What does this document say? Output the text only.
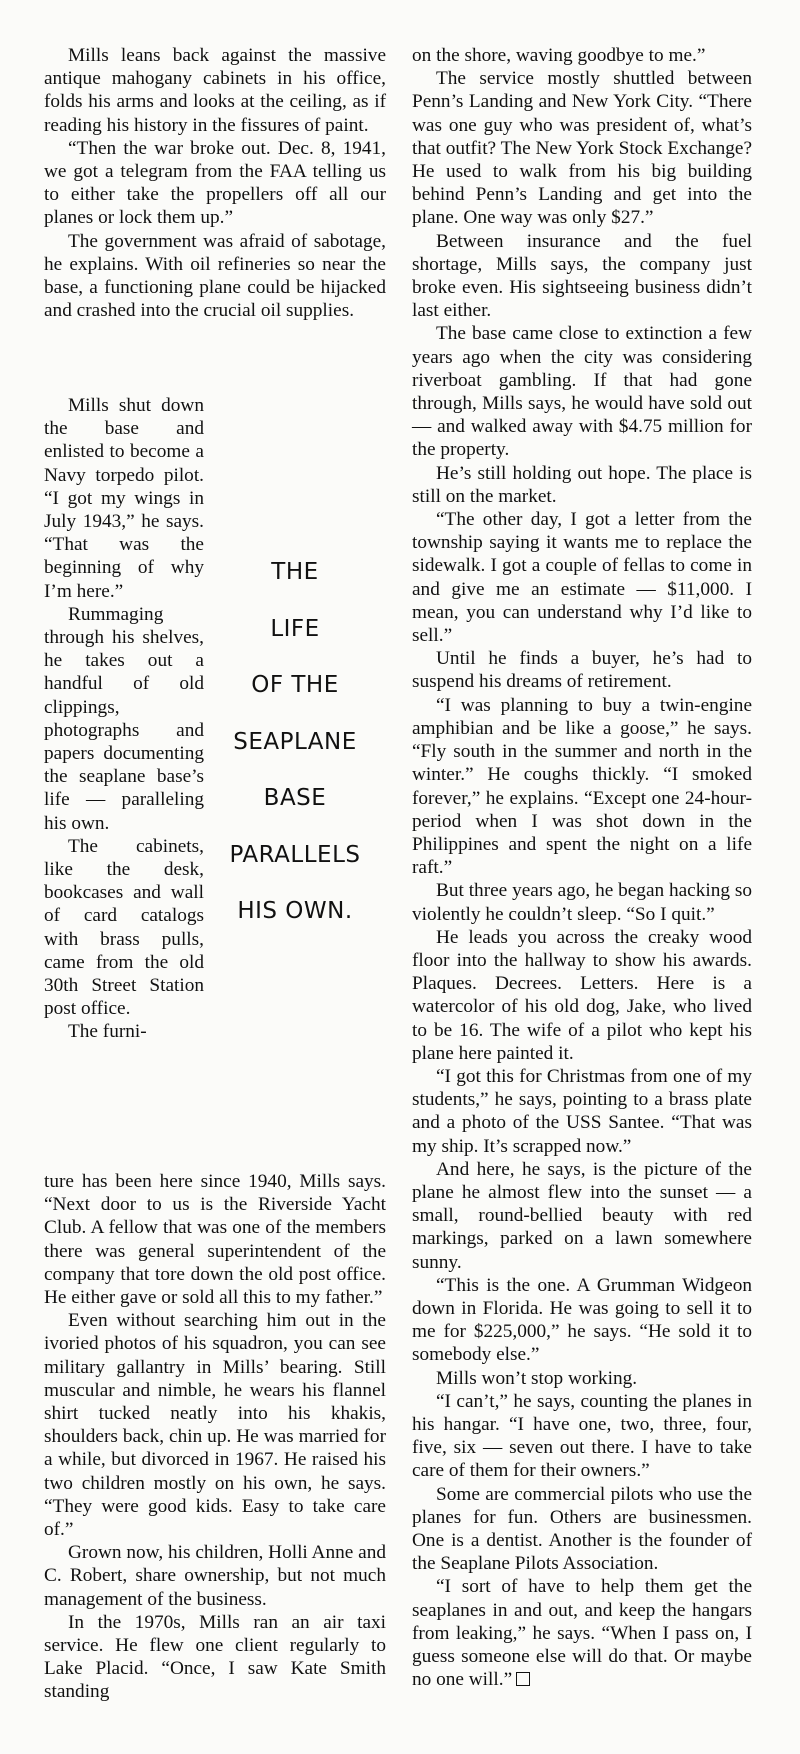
Mills leans back against the massive antique mahogany cabinets in his office, folds his arms and looks at the ceiling, as if reading his history in the fissures of paint.

“Then the war broke out. Dec. 8, 1941, we got a telegram from the FAA telling us to either take the propellers off all our planes or lock them up.”

The government was afraid of sabotage, he explains. With oil refineries so near the base, a functioning plane could be hijacked and crashed into the crucial oil supplies.

Mills shut down the base and enlisted to become a Navy torpedo pilot. “I got my wings in July 1943,” he says. “That was the beginning of why I’m here.”

Rummaging through his shelves, he takes out a handful of old clippings, photographs and papers documenting the seaplane base’s life — paralleling his own.

The cabinets, like the desk, bookcases and wall of card catalogs with brass pulls, came from the old 30th Street Station post office.

The furni-

THE
LIFE
OF THE
SEAPLANE
BASE
PARALLELS
HIS OWN.

ture has been here since 1940, Mills says. “Next door to us is the Riverside Yacht Club. A fellow that was one of the members there was general superintendent of the company that tore down the old post office. He either gave or sold all this to my father.”

Even without searching him out in the ivoried photos of his squadron, you can see military gallantry in Mills’ bearing. Still muscular and nimble, he wears his flannel shirt tucked neatly into his khakis, shoulders back, chin up. He was married for a while, but divorced in 1967. He raised his two children mostly on his own, he says. “They were good kids. Easy to take care of.”

Grown now, his children, Holli Anne and C. Robert, share ownership, but not much management of the business.

In the 1970s, Mills ran an air taxi service. He flew one client regularly to Lake Placid. “Once, I saw Kate Smith standing

on the shore, waving goodbye to me.”

The service mostly shuttled between Penn’s Landing and New York City. “There was one guy who was president of, what’s that outfit? The New York Stock Exchange? He used to walk from his big building behind Penn’s Landing and get into the plane. One way was only $27.”

Between insurance and the fuel shortage, Mills says, the company just broke even. His sightseeing business didn’t last either.

The base came close to extinction a few years ago when the city was considering riverboat gambling. If that had gone through, Mills says, he would have sold out — and walked away with $4.75 million for the property.

He’s still holding out hope. The place is still on the market.

“The other day, I got a letter from the township saying it wants me to replace the sidewalk. I got a couple of fellas to come in and give me an estimate — $11,000. I mean, you can understand why I’d like to sell.”

Until he finds a buyer, he’s had to suspend his dreams of retirement.

“I was planning to buy a twin-engine amphibian and be like a goose,” he says. “Fly south in the summer and north in the winter.” He coughs thickly. “I smoked forever,” he explains. “Except one 24-hour-period when I was shot down in the Philippines and spent the night on a life raft.”

But three years ago, he began hacking so violently he couldn’t sleep. “So I quit.”

He leads you across the creaky wood floor into the hallway to show his awards. Plaques. Decrees. Letters. Here is a watercolor of his old dog, Jake, who lived to be 16. The wife of a pilot who kept his plane here painted it.

“I got this for Christmas from one of my students,” he says, pointing to a brass plate and a photo of the USS Santee. “That was my ship. It’s scrapped now.”

And here, he says, is the picture of the plane he almost flew into the sunset — a small, round-bellied beauty with red markings, parked on a lawn somewhere sunny.

“This is the one. A Grumman Widgeon down in Florida. He was going to sell it to me for $225,000,” he says. “He sold it to somebody else.”

Mills won’t stop working.

“I can’t,” he says, counting the planes in his hangar. “I have one, two, three, four, five, six — seven out there. I have to take care of them for their owners.”

Some are commercial pilots who use the planes for fun. Others are businessmen. One is a dentist. Another is the founder of the Seaplane Pilots Association.

“I sort of have to help them get the seaplanes in and out, and keep the hangars from leaking,” he says. “When I pass on, I guess someone else will do that. Or maybe no one will.”
